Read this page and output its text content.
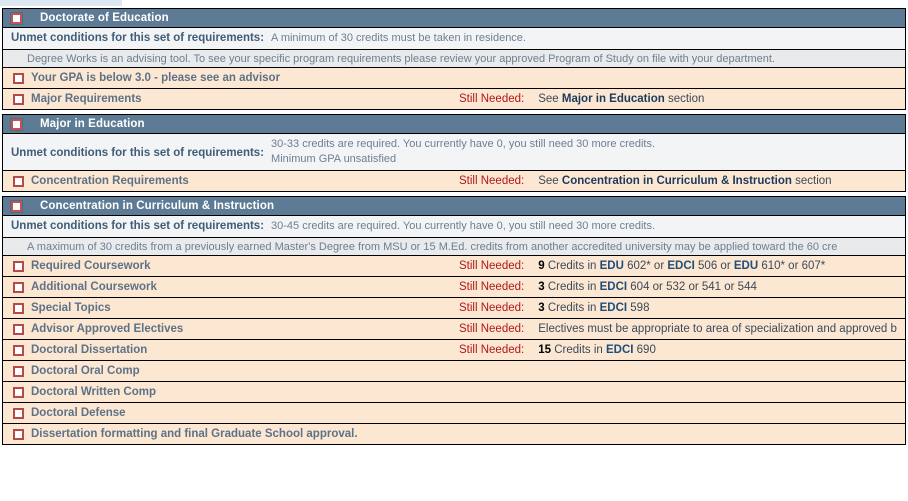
Doctorate of Education
Unmet conditions for this set of requirements: A minimum of 30 credits must be taken in residence.
Degree Works is an advising tool. To see your specific program requirements please review your approved Program of Study on file with your department.
Your GPA is below 3.0 - please see an advisor
Major Requirements	Still Needed: See Major in Education section
Major in Education
Unmet conditions for this set of requirements:
30-33 credits are required. You currently have 0, you still need 30 more credits.
Minimum GPA unsatisfied
Concentration Requirements	Still Needed: See Concentration in Curriculum & Instruction section
Concentration in Curriculum & Instruction
Unmet conditions for this set of requirements: 30-45 credits are required. You currently have 0, you still need 30 more credits.
A maximum of 30 credits from a previously earned Master's Degree from MSU or 15 M.Ed. credits from another accredited university may be applied toward the 60 cre
Required Coursework	Still Needed: 9 Credits in EDU 602* or EDCI 506 or EDU 610* or 607*
Additional Coursework	Still Needed: 3 Credits in EDCI 604 or 532 or 541 or 544
Special Topics	Still Needed: 3 Credits in EDCI 598
Advisor Approved Electives	Still Needed: Electives must be appropriate to area of specialization and approved b
Doctoral Dissertation	Still Needed: 15 Credits in EDCI 690
Doctoral Oral Comp
Doctoral Written Comp
Doctoral Defense
Dissertation formatting and final Graduate School approval.
